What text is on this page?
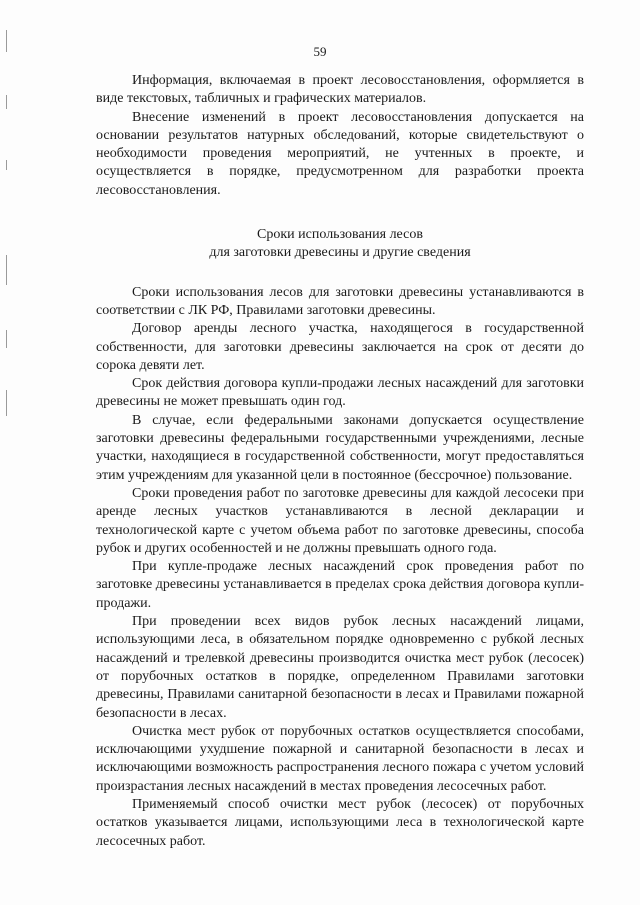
59

Информация, включаемая в проект лесовосстановления, оформляется в виде текстовых, табличных и графических материалов.

Внесение изменений в проект лесовосстановления допускается на основании результатов натурных обследований, которые свидетельствуют о необходимости проведения мероприятий, не учтенных в проекте, и осуществляется в порядке, предусмотренном для разработки проекта лесовосстановления.

Сроки использования лесов
для заготовки древесины и другие сведения

Сроки использования лесов для заготовки древесины устанавливаются в соответствии с ЛК РФ, Правилами заготовки древесины.

Договор аренды лесного участка, находящегося в государственной собственности, для заготовки древесины заключается на срок от десяти до сорока девяти лет.

Срок действия договора купли-продажи лесных насаждений для заготовки древесины не может превышать один год.

В случае, если федеральными законами допускается осуществление заготовки древесины федеральными государственными учреждениями, лесные участки, находящиеся в государственной собственности, могут предоставляться этим учреждениям для указанной цели в постоянное (бессрочное) пользование.

Сроки проведения работ по заготовке древесины для каждой лесосеки при аренде лесных участков устанавливаются в лесной декларации и технологической карте с учетом объема работ по заготовке древесины, способа рубок и других особенностей и не должны превышать одного года.

При купле-продаже лесных насаждений срок проведения работ по заготовке древесины устанавливается в пределах срока действия договора купли-продажи.

При проведении всех видов рубок лесных насаждений лицами, использующими леса, в обязательном порядке одновременно с рубкой лесных насаждений и трелевкой древесины производится очистка мест рубок (лесосек) от порубочных остатков в порядке, определенном Правилами заготовки древесины, Правилами санитарной безопасности в лесах и Правилами пожарной безопасности в лесах.

Очистка мест рубок от порубочных остатков осуществляется способами, исключающими ухудшение пожарной и санитарной безопасности в лесах и исключающими возможность распространения лесного пожара с учетом условий произрастания лесных насаждений в местах проведения лесосечных работ.

Применяемый способ очистки мест рубок (лесосек) от порубочных остатков указывается лицами, использующими леса в технологической карте лесосечных работ.
